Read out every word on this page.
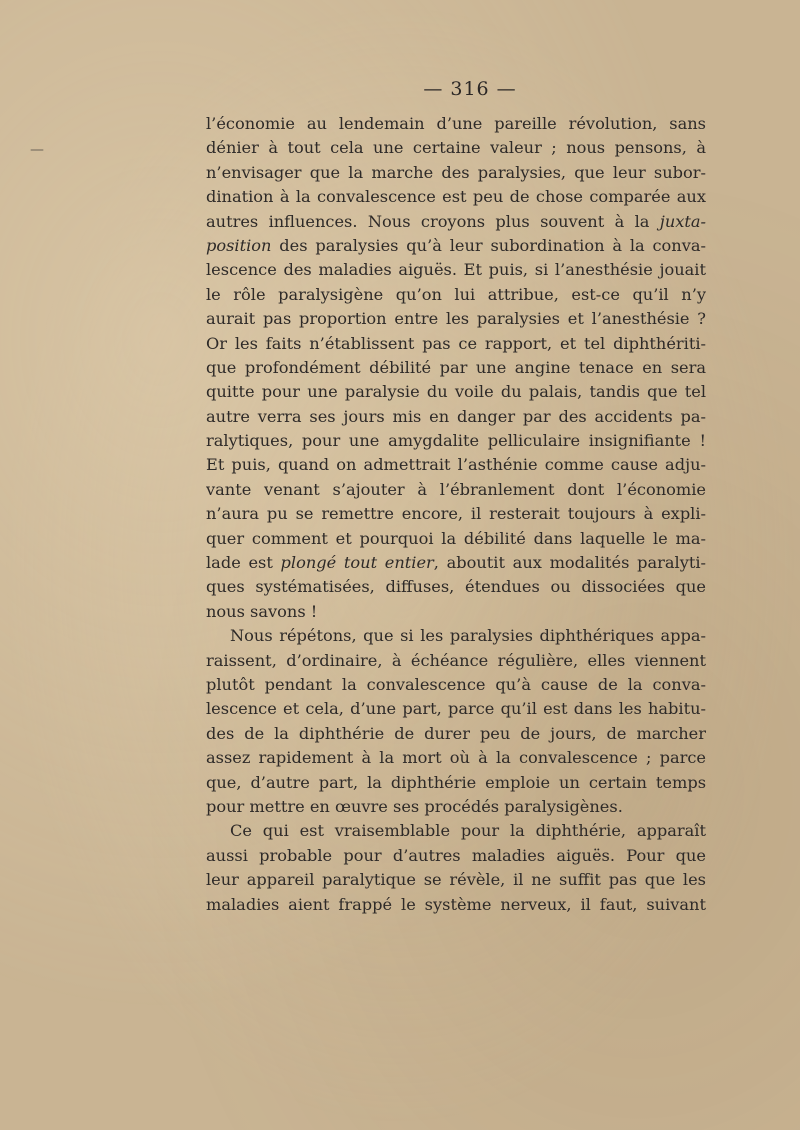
— 316 —
l’économie au lendemain d’une pareille révolution, sans
dénier à tout cela une certaine valeur ; nous pensons, à
n’envisager que la marche des paralysies, que leur subor-
dination à la convalescence est peu de chose comparée aux
autres influences. Nous croyons plus souvent à la juxta-
position des paralysies qu’à leur subordination à la conva-
lescence des maladies aiguës. Et puis, si l’anesthésie jouait
le rôle paralysigène qu’on lui attribue, est-ce qu’il n’y
aurait pas proportion entre les paralysies et l’anesthésie ?
Or les faits n’établissent pas ce rapport, et tel diphthériti-
que profondément débilité par une angine tenace en sera
quitte pour une paralysie du voile du palais, tandis que tel
autre verra ses jours mis en danger par des accidents pa-
ralytiques, pour une amygdalite pelliculaire insignifiante !
Et puis, quand on admettrait l’asthénie comme cause adju-
vante venant s’ajouter à l’ébranlement dont l’économie
n’aura pu se remettre encore, il resterait toujours à expli-
quer comment et pourquoi la débilité dans laquelle le ma-
lade est plongé tout entier, aboutit aux modalités paralyti-
ques systématisées, diffuses, étendues ou dissociées que
nous savons !
Nous répétons, que si les paralysies diphthériques appa-
raissent, d’ordinaire, à échéance régulière, elles viennent
plutôt pendant la convalescence qu’à cause de la conva-
lescence et cela, d’une part, parce qu’il est dans les habitu-
des de la diphthérie de durer peu de jours, de marcher
assez rapidement à la mort où à la convalescence ; parce
que, d’autre part, la diphthérie emploie un certain temps
pour mettre en œuvre ses procédés paralysigènes.
Ce qui est vraisemblable pour la diphthérie, apparaît
aussi probable pour d’autres maladies aiguës. Pour que
leur appareil paralytique se révèle, il ne suffit pas que les
maladies aient frappé le système nerveux, il faut, suivant
—
